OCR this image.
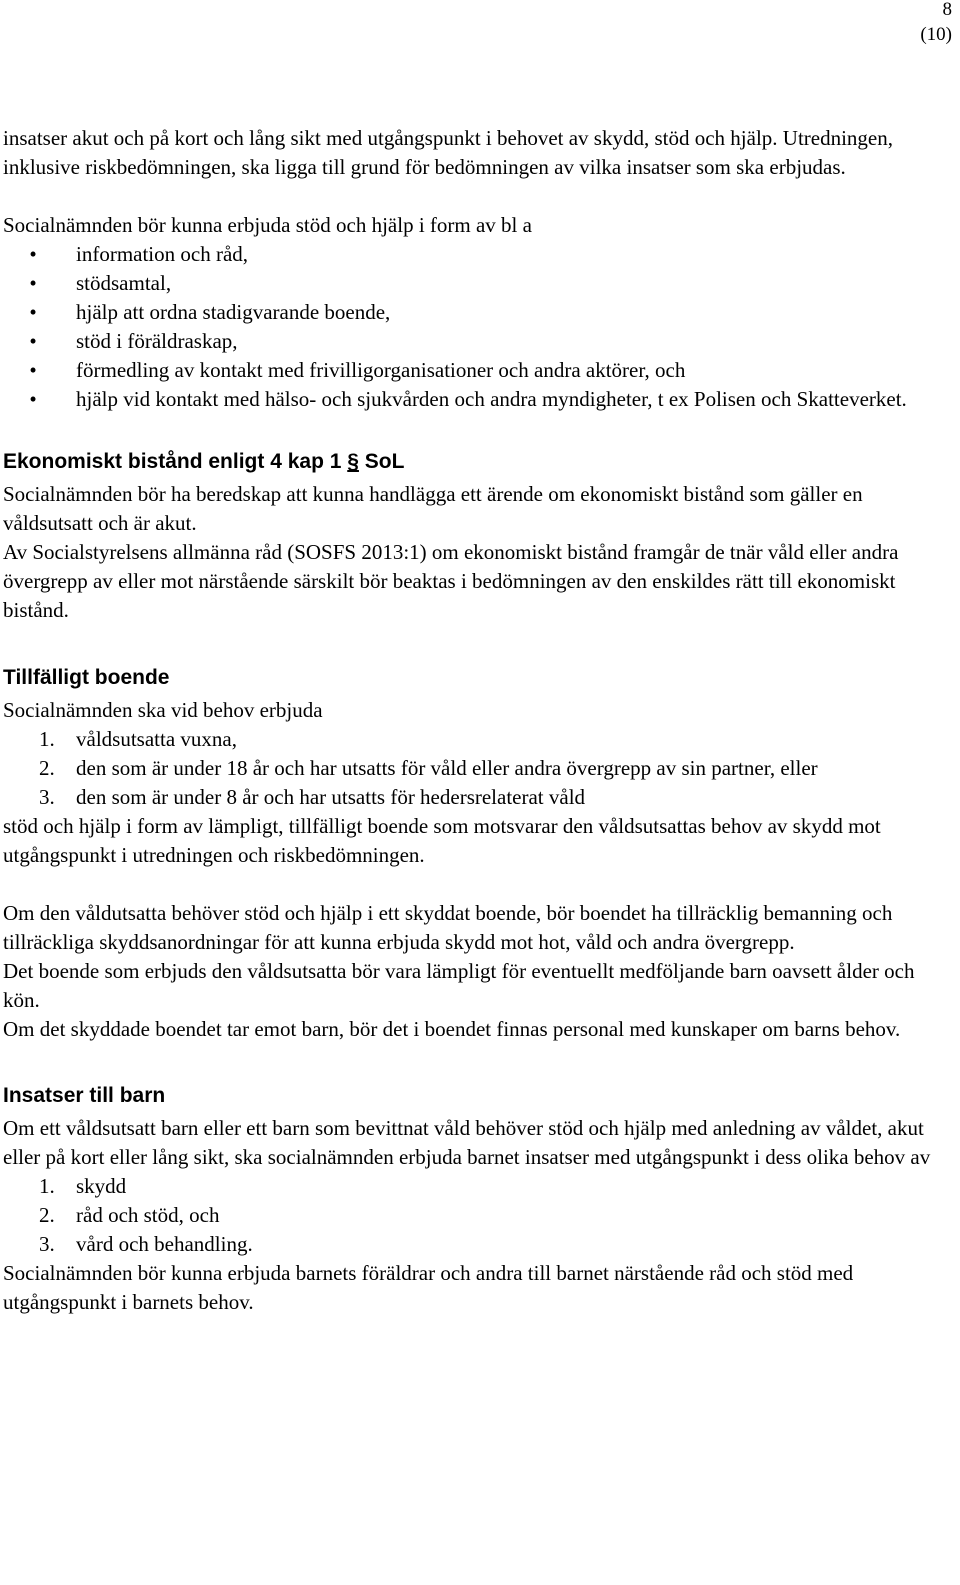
8
(10)

insatser akut och på kort och lång sikt med utgångspunkt i behovet av skydd, stöd och hjälp. Utredningen, inklusive riskbedömningen, ska ligga till grund för bedömningen av vilka insatser som ska erbjudas.

Socialnämnden bör kunna erbjuda stöd och hjälp i form av bl a

• information och råd,
• stödsamtal,
• hjälp att ordna stadigvarande boende,
• stöd i föräldraskap,
• förmedling av kontakt med frivilligorganisationer och andra aktörer, och
• hjälp vid kontakt med hälso- och sjukvården och andra myndigheter, t ex Polisen och Skatteverket.
Ekonomiskt bistånd enligt 4 kap 1 § SoL

Socialnämnden bör ha beredskap att kunna handlägga ett ärende om ekonomiskt bistånd som gäller en våldsutsatt och är akut.

Av Socialstyrelsens allmänna råd (SOSFS 2013:1) om ekonomiskt bistånd framgår de tnär våld eller andra övergrepp av eller mot närstående särskilt bör beaktas i bedömningen av den enskildes rätt till ekonomiskt bistånd.

Tillfälligt boende

Socialnämnden ska vid behov erbjuda

1. våldsutsatta vuxna,
2. den som är under 18 år och har utsatts för våld eller andra övergrepp av sin partner, eller
3. den som är under 8 år och har utsatts för hedersrelaterat våld

stöd och hjälp i form av lämpligt, tillfälligt boende som motsvarar den våldsutsattas behov av skydd mot utgångspunkt i utredningen och riskbedömningen.

Om den våldutsatta behöver stöd och hjälp i ett skyddat boende, bör boendet ha tillräcklig bemanning och tillräckliga skyddsanordningar för att kunna erbjuda skydd mot hot, våld och andra övergrepp.

Det boende som erbjuds den våldsutsatta bör vara lämpligt för eventuellt medföljande barn oavsett ålder och kön.

Om det skyddade boendet tar emot barn, bör det i boendet finnas personal med kunskaper om barns behov.

Insatser till barn

Om ett våldsutsatt barn eller ett barn som bevittnat våld behöver stöd och hjälp med anledning av våldet, akut eller på kort eller lång sikt, ska socialnämnden erbjuda barnet insatser med utgångspunkt i dess olika behov av

1. skydd
2. råd och stöd, och
3. vård och behandling.

Socialnämnden bör kunna erbjuda barnets föräldrar och andra till barnet närstående råd och stöd med utgångspunkt i barnets behov.
